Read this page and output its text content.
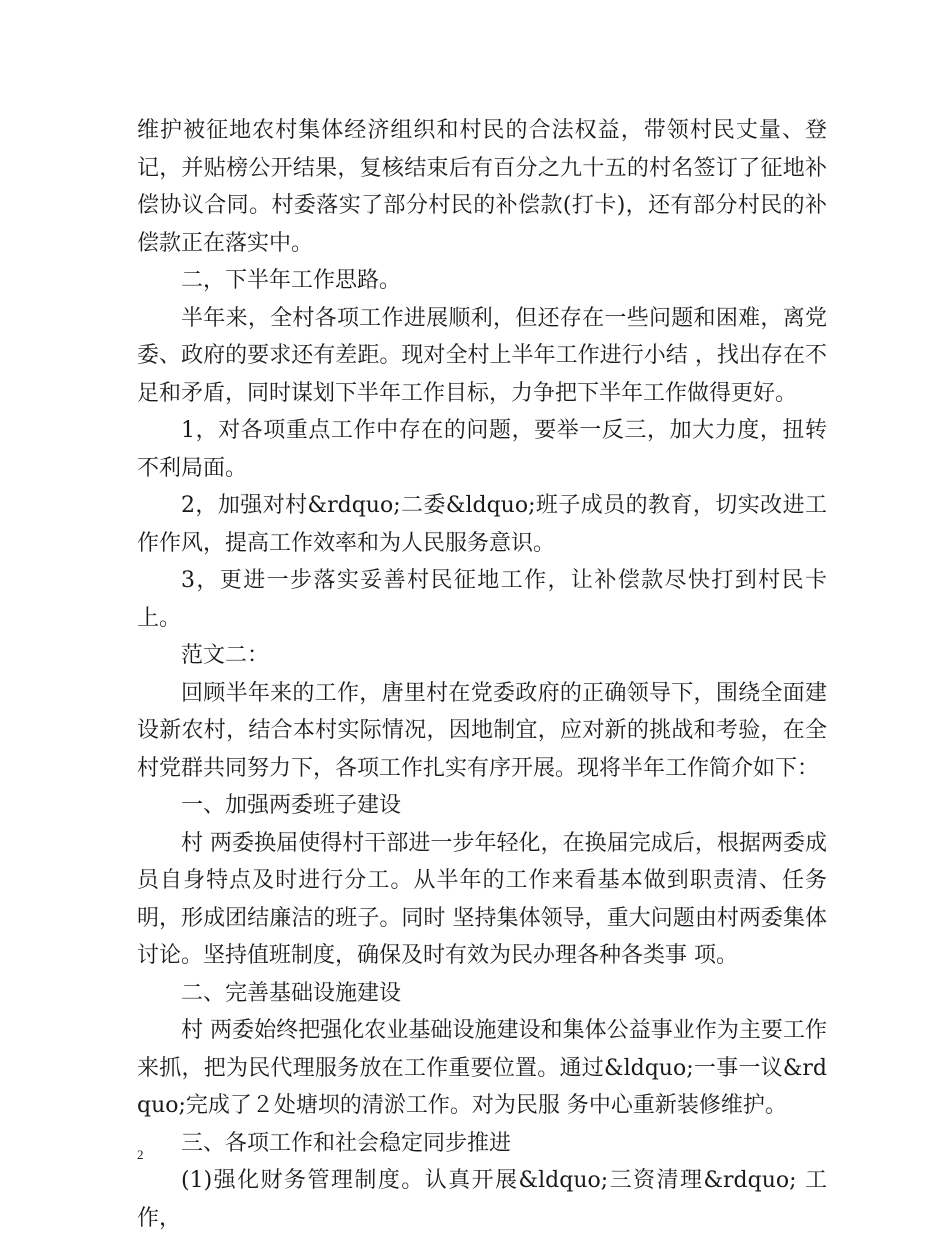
维护被征地农村集体经济组织和村民的合法权益，带领村民丈量、登记，并贴榜公开结果，复核结束后有百分之九十五的村名签订了征地补偿协议合同。村委落实了部分村民的补偿款(打卡)，还有部分村民的补偿款正在落实中。

二，下半年工作思路。

半年来，全村各项工作进展顺利，但还存在一些问题和困难，离党委、政府的要求还有差距。现对全村上半年工作进行小结 ，找出存在不足和矛盾，同时谋划下半年工作目标，力争把下半年工作做得更好。

1，对各项重点工作中存在的问题，要举一反三，加大力度，扭转不利局面。

2，加强对村&rdquo;二委&ldquo;班子成员的教育，切实改进工作作风，提高工作效率和为人民服务意识。

3，更进一步落实妥善村民征地工作，让补偿款尽快打到村民卡上。

范文二：

回顾半年来的工作，唐里村在党委政府的正确领导下，围绕全面建设新农村，结合本村实际情况，因地制宜，应对新的挑战和考验，在全村党群共同努力下，各项工作扎实有序开展。现将半年工作简介如下：

一、加强两委班子建设

村 两委换届使得村干部进一步年轻化，在换届完成后，根据两委成员自身特点及时进行分工。从半年的工作来看基本做到职责清、任务明，形成团结廉洁的班子。同时 坚持集体领导，重大问题由村两委集体讨论。坚持值班制度，确保及时有效为民办理各种各类事 项。

二、完善基础设施建设

村 两委始终把强化农业基础设施建设和集体公益事业作为主要工作来抓，把为民代理服务放在工作重要位置。通过&ldquo;一事一议&rdquo;完成了２处塘坝的清淤工作。对为民服 务中心重新装修维护。

三、各项工作和社会稳定同步推进

(1)强化财务管理制度。认真开展&ldquo;三资清理&rdquo; 工作，

2
